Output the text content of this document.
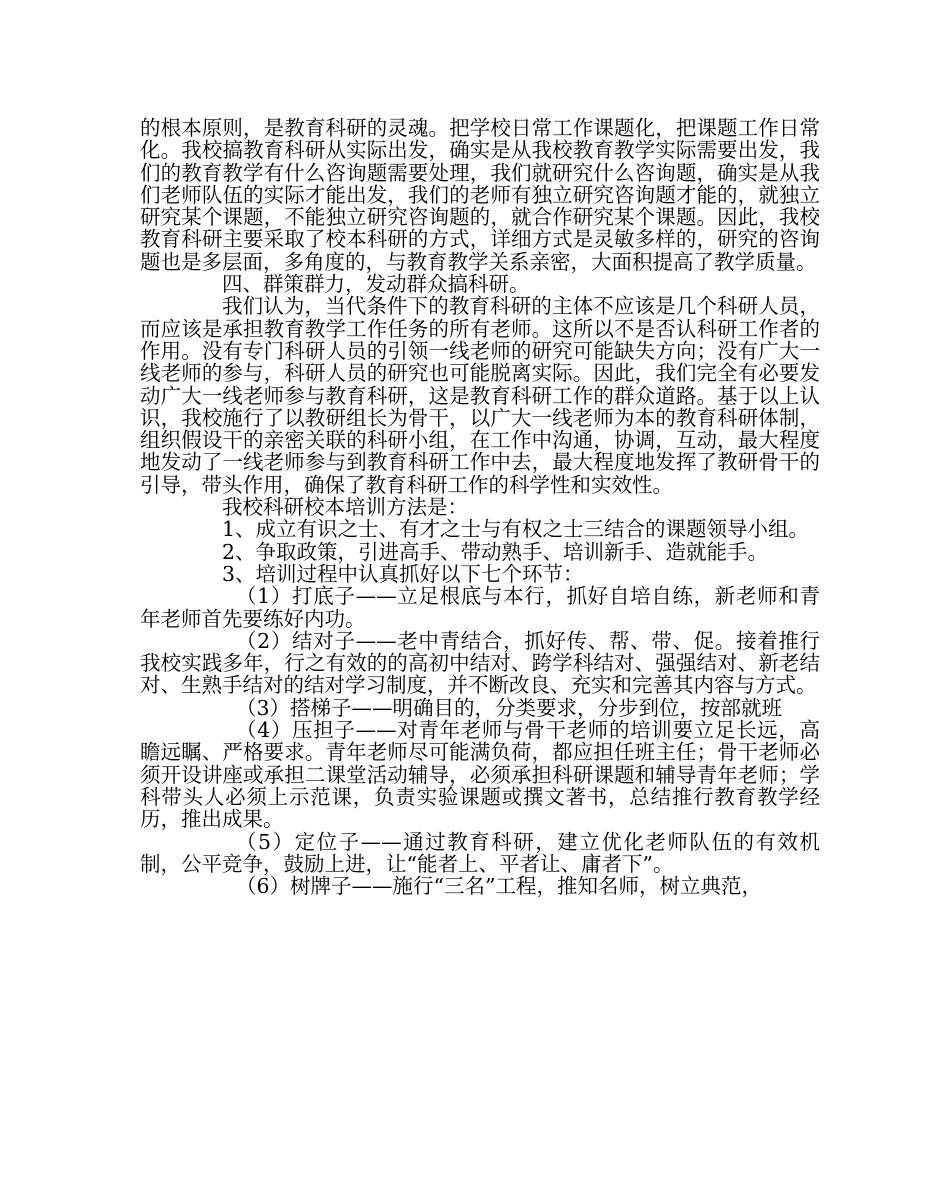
的根本原则，是教育科研的灵魂。把学校日常工作课题化，把课题工作日常化。我校搞教育科研从实际出发，确实是从我校教育教学实际需要出发，我们的教育教学有什么咨询题需要处理，我们就研究什么咨询题，确实是从我们老师队伍的实际才能出发，我们的老师有独立研究咨询题才能的，就独立研究某个课题，不能独立研究咨询题的，就合作研究某个课题。因此，我校教育科研主要采取了校本科研的方式，详细方式是灵敏多样的，研究的咨询题也是多层面，多角度的，与教育教学关系亲密，大面积提高了教学质量。

四、群策群力，发动群众搞科研。

我们认为，当代条件下的教育科研的主体不应该是几个科研人员，而应该是承担教育教学工作任务的所有老师。这所以不是否认科研工作者的作用。没有专门科研人员的引领一线老师的研究可能缺失方向；没有广大一线老师的参与，科研人员的研究也可能脱离实际。因此，我们完全有必要发动广大一线老师参与教育科研，这是教育科研工作的群众道路。基于以上认识，我校施行了以教研组长为骨干，以广大一线老师为本的教育科研体制，组织假设干的亲密关联的科研小组，在工作中沟通，协调，互动，最大程度地发动了一线老师参与到教育科研工作中去，最大程度地发挥了教研骨干的引导，带头作用，确保了教育科研工作的科学性和实效性。

我校科研校本培训方法是：

1、成立有识之士、有才之士与有权之士三结合的课题领导小组。

2、争取政策，引进高手、带动熟手、培训新手、造就能手。

3、培训过程中认真抓好以下七个环节：

（1）打底子——立足根底与本行，抓好自培自练，新老师和青年老师首先要练好内功。

（2）结对子——老中青结合，抓好传、帮、带、促。接着推行我校实践多年，行之有效的的高初中结对、跨学科结对、强强结对、新老结对、生熟手结对的结对学习制度，并不断改良、充实和完善其内容与方式。

（3）搭梯子——明确目的，分类要求，分步到位，按部就班

（4）压担子——对青年老师与骨干老师的培训要立足长远，高瞻远瞩、严格要求。青年老师尽可能满负荷，都应担任班主任；骨干老师必须开设讲座或承担二课堂活动辅导，必须承担科研课题和辅导青年老师；学科带头人必须上示范课，负责实验课题或撰文著书，总结推行教育教学经历，推出成果。

（5）定位子——通过教育科研，建立优化老师队伍的有效机制，公平竞争，鼓励上进，让“能者上、平者让、庸者下”。

（6）树牌子——施行“三名”工程，推知名师，树立典范，
